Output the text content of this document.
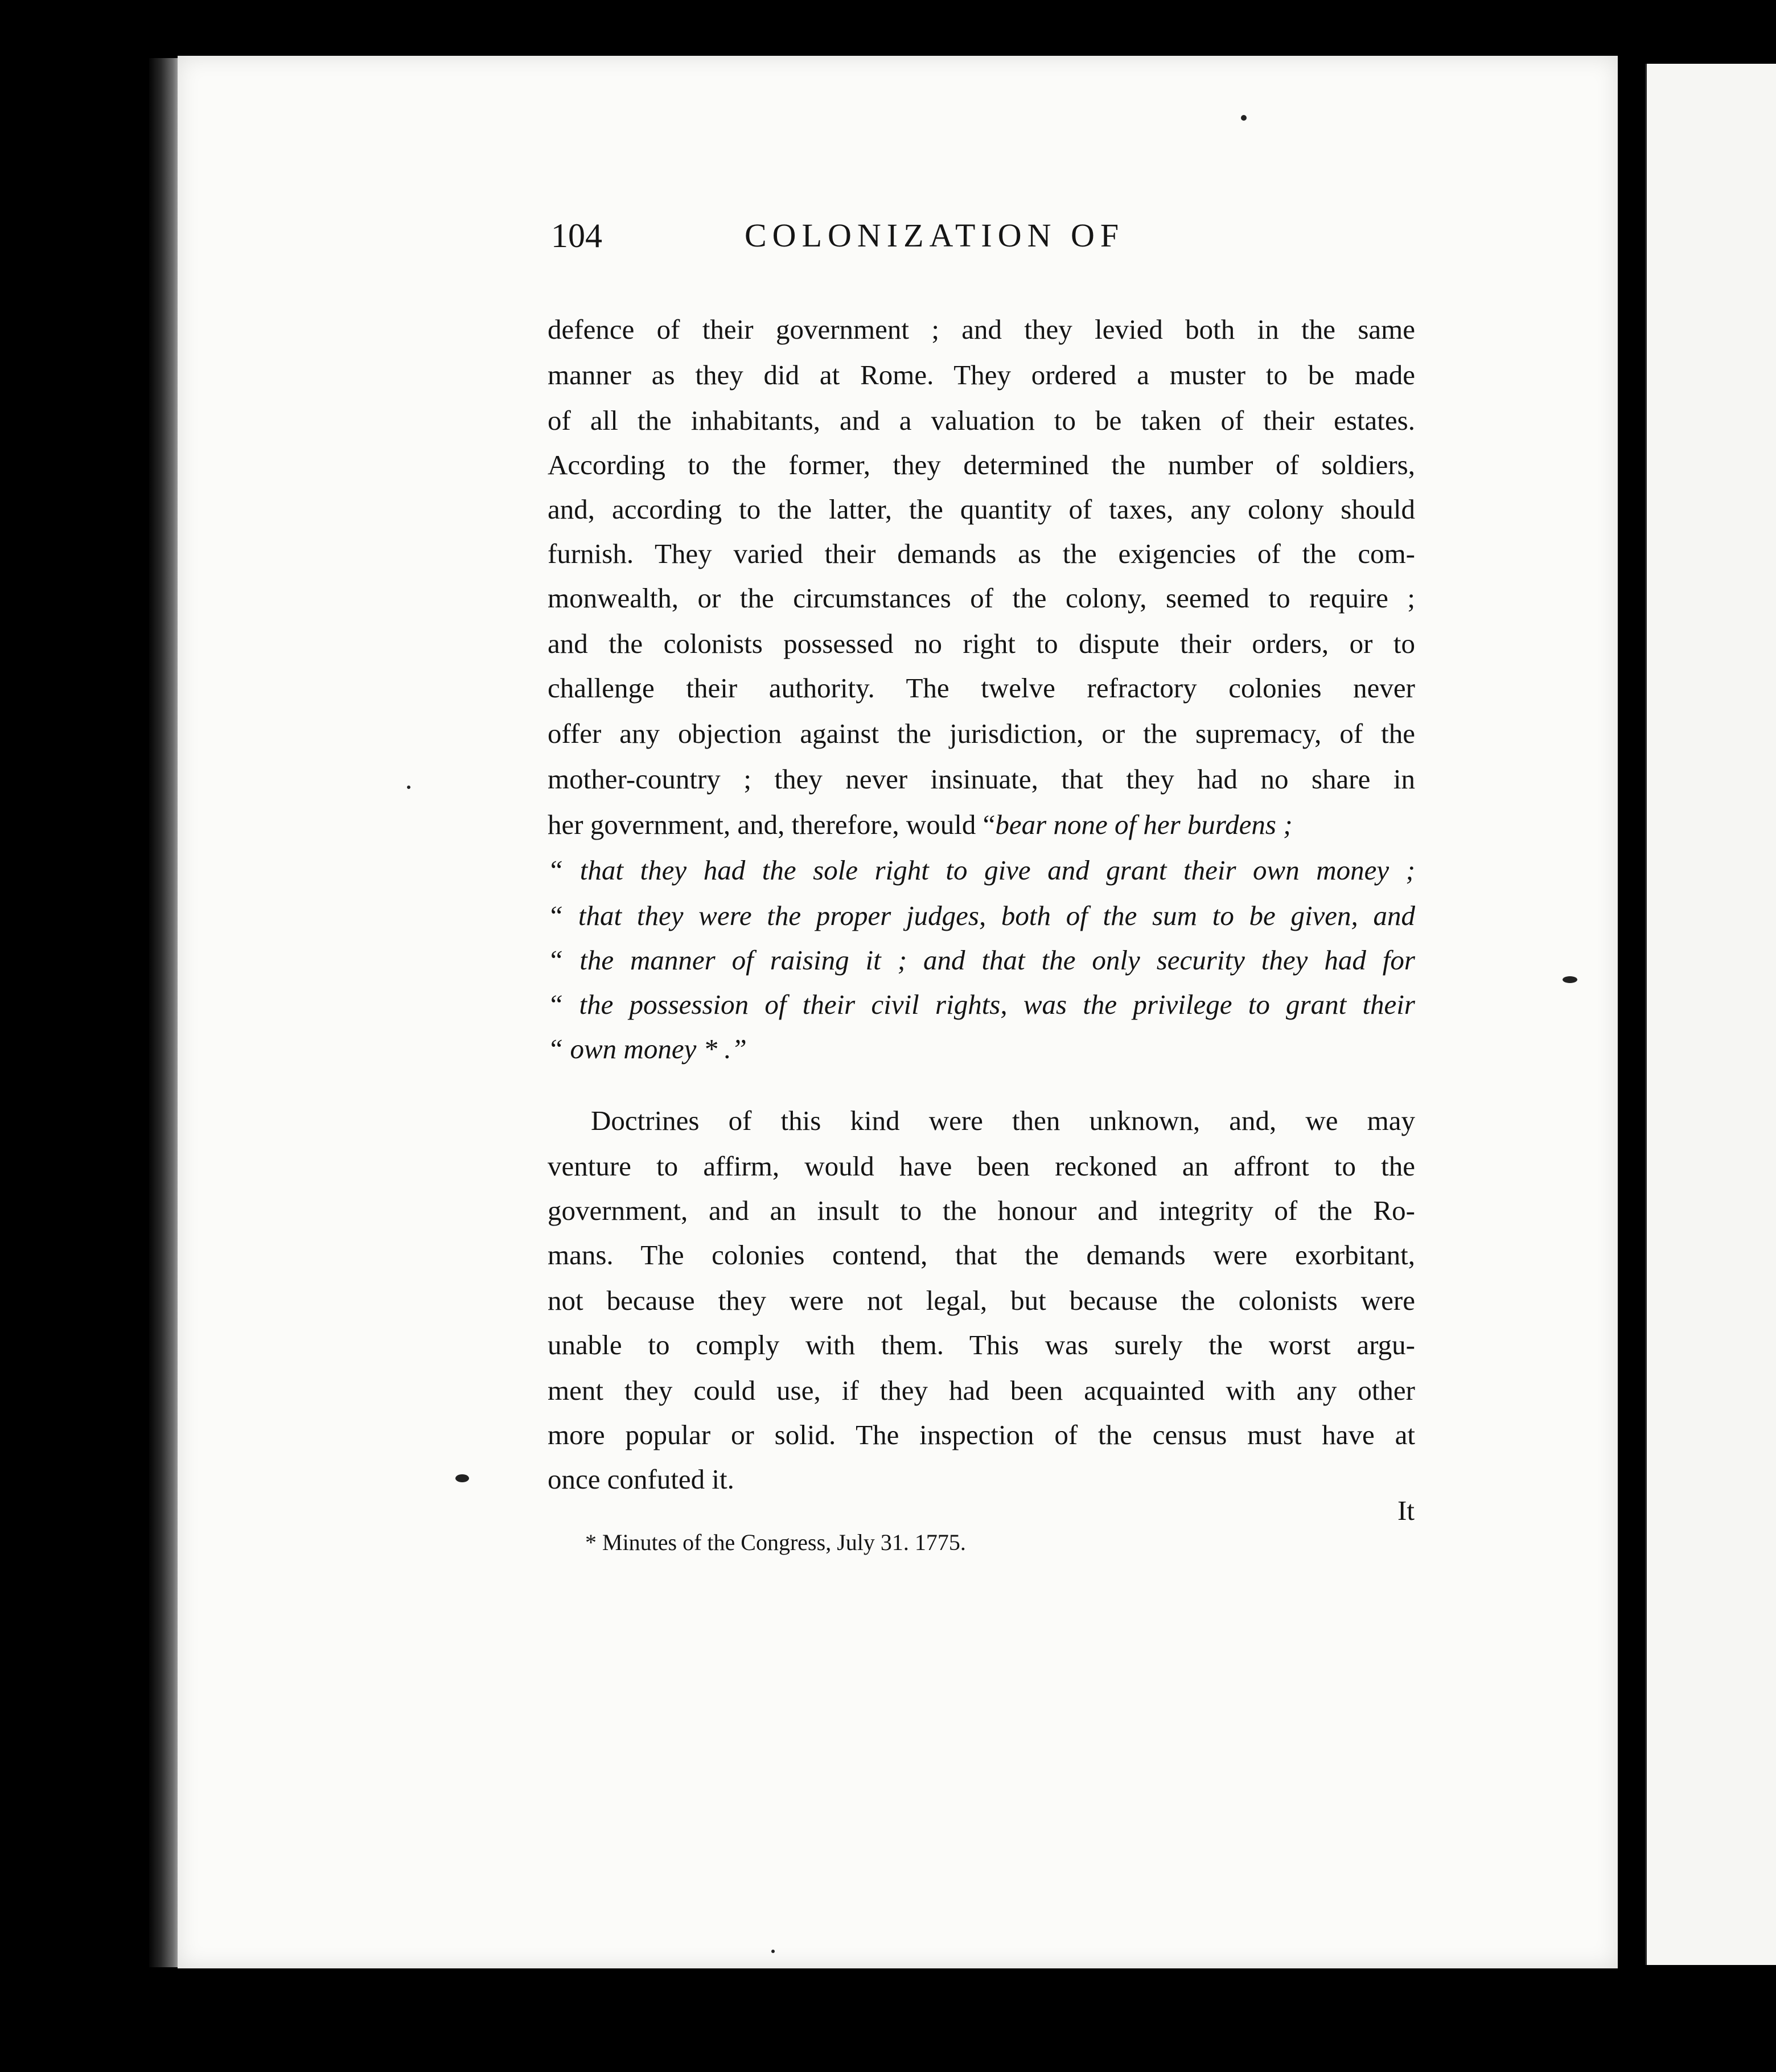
104	COLONIZATION OF
defence of their government ; and they levied both in the same
manner as they did at Rome. They ordered a muster to be made
of all the inhabitants, and a valuation to be taken of their estates.
According to the former, they determined the number of soldiers,
and, according to the latter, the quantity of taxes, any colony should
furnish. They varied their demands as the exigencies of the com-
monwealth, or the circumstances of the colony, seemed to require ;
and the colonists possessed no right to dispute their orders, or to
challenge their authority. The twelve refractory colonies never
offer any objection against the jurisdiction, or the supremacy, of the
mother-country ; they never insinuate, that they had no share in
her government, and, therefore, would “bear none of her burdens ;
“ that they had the sole right to give and grant their own money ;
“ that they were the proper judges, both of the sum to be given, and
“ the manner of raising it ; and that the only security they had for
“ the possession of their civil rights, was the privilege to grant their
“ own money * .”
Doctrines of this kind were then unknown, and, we may
venture to affirm, would have been reckoned an affront to the
government, and an insult to the honour and integrity of the Ro-
mans. The colonies contend, that the demands were exorbitant,
not because they were not legal, but because the colonists were
unable to comply with them. This was surely the worst argu-
ment they could use, if they had been acquainted with any other
more popular or solid. The inspection of the census must have at
once confuted it.
It
* Minutes of the Congress, July 31. 1775.
